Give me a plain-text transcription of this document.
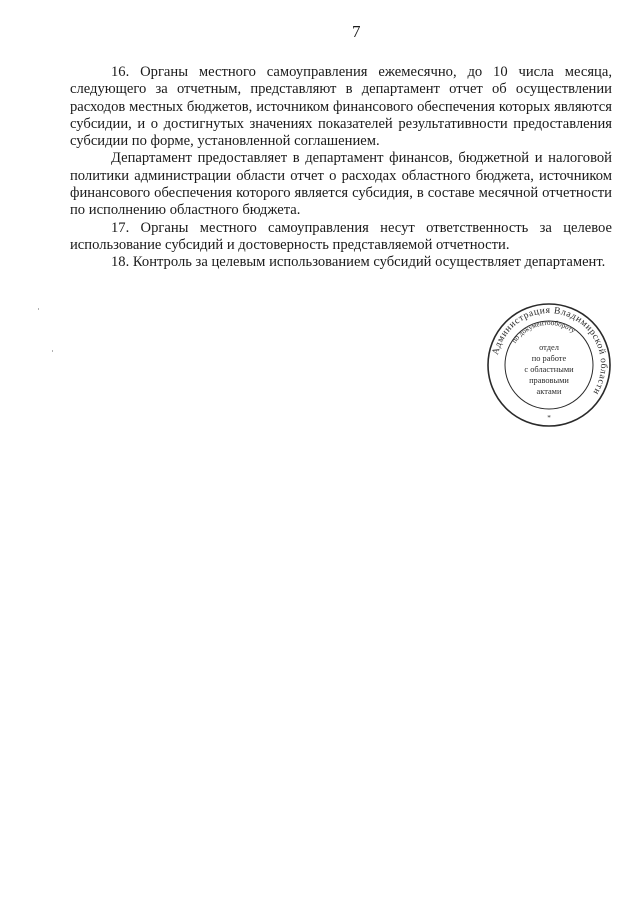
7

16. Органы местного самоуправления ежемесячно, до 10 числа месяца, следующего за отчетным, представляют в департамент отчет об осуществлении расходов местных бюджетов, источником финансового обеспечения которых являются субсидии, и о достигнутых значениях показателей результативности предоставления субсидии по форме, установленной соглашением.

Департамент предоставляет в департамент финансов, бюджетной и налоговой политики администрации области отчет о расходах областного бюджета, источником финансового обеспечения которого является субсидия, в составе месячной отчетности по исполнению областного бюджета.

17. Органы местного самоуправления несут ответственность за целевое использование субсидий и достоверность представляемой отчетности.

18. Контроль за целевым использованием субсидий осуществляет департамент.

Администрация Владимирской области
по документообороту
отдел
по работе
с областными
правовыми
актами
*
